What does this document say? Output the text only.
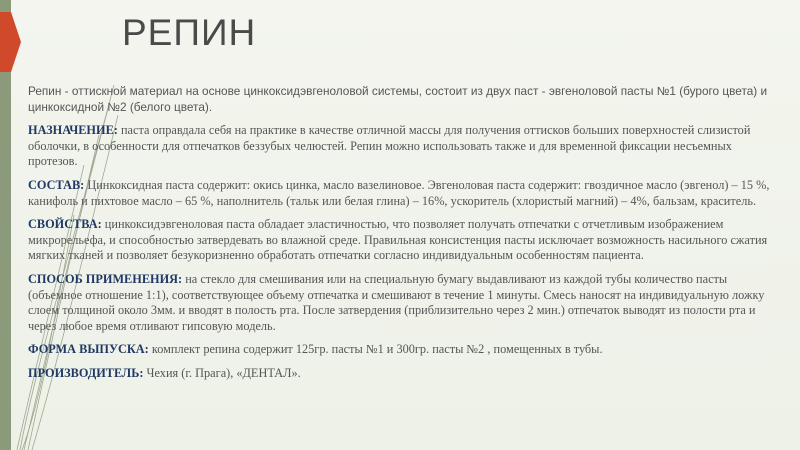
РЕПИН

Репин - оттискной материал на основе цинкоксидэвгеноловой системы, состоит из двух паст - эвгеноловой пасты №1 (бурого цвета) и цинкоксидной №2 (белого цвета).

НАЗНАЧЕНИЕ: паста оправдала себя на практике в качестве отличной массы для получения оттисков больших поверхностей слизистой оболочки, в особенности для отпечатков беззубых челюстей. Репин можно использовать также и для временной фиксации несъемных протезов.

СОСТАВ: Цинкоксидная паста содержит: окись цинка, масло вазелиновое. Эвгеноловая паста содержит: гвоздичное масло (эвгенол) – 15 %, канифоль и пихтовое масло – 65 %, наполнитель (тальк или белая глина) – 16%, ускоритель (хлористый магний) – 4%, бальзам, краситель.

СВОЙСТВА: цинкоксидэвгеноловая паста обладает эластичностью, что позволяет получать отпечатки с отчетливым изображением микрорельефа, и способностью затвердевать во влажной среде. Правильная консистенция пасты исключает возможность насильного сжатия мягких тканей и позволяет безукоризненно обработать отпечатки согласно индивидуальным особенностям пациента.

СПОСОБ ПРИМЕНЕНИЯ: на стекло для смешивания или на специальную бумагу выдавливают из каждой тубы количество пасты (объемное отношение 1:1), соответствующее объему отпечатка и смешивают в течение 1 минуты. Смесь наносят на индивидуальную ложку слоем толщиной около 3мм. и вводят в полость рта. После затвердения (приблизительно через 2 мин.) отпечаток выводят из полости рта и через любое время отливают гипсовую модель.

ФОРМА ВЫПУСКА: комплект репина содержит 125гр. пасты №1 и 300гр. пасты №2 , помещенных в тубы.

ПРОИЗВОДИТЕЛЬ: Чехия (г. Прага), «ДЕНТАЛ».
